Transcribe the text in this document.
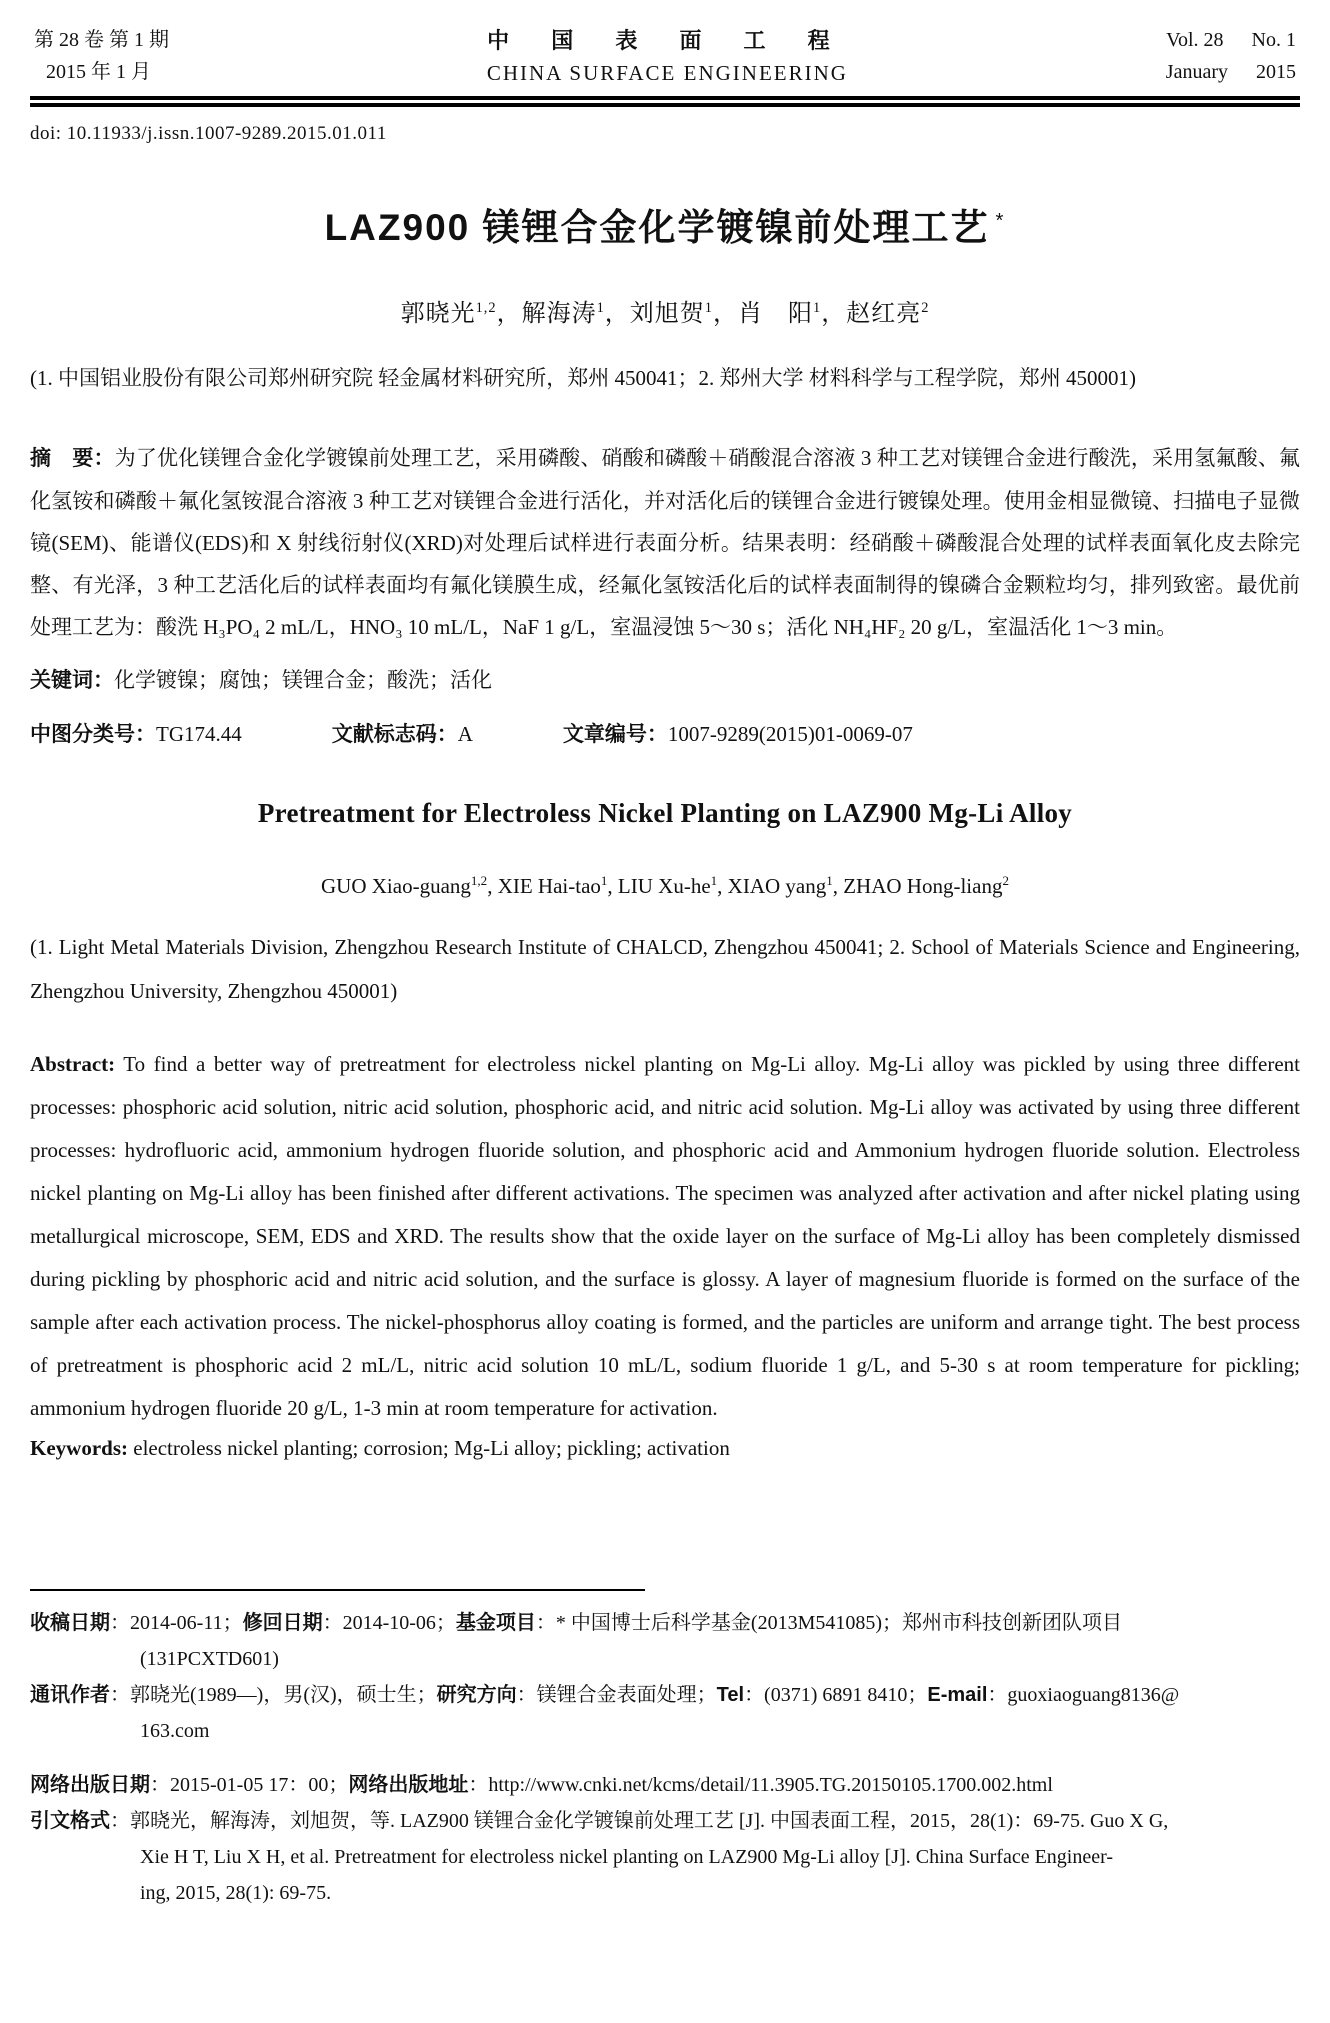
第 28 卷 第 1 期
2015 年 1 月
中 国 表 面 工 程
CHINA SURFACE ENGINEERING
Vol. 28 No. 1
January 2015
doi: 10.11933/j.issn.1007-9289.2015.01.011
LAZ900 镁锂合金化学镀镍前处理工艺 *
郭晓光$^{1,2}$，解海涛$^1$，刘旭贺$^1$，肖　阳$^1$，赵红亮$^2$
(1. 中国铝业股份有限公司郑州研究院 轻金属材料研究所，郑州 450041；2. 郑州大学 材料科学与工程学院，郑州 450001)

摘　要：为了优化镁锂合金化学镀镍前处理工艺，采用磷酸、硝酸和磷酸＋硝酸混合溶液 3 种工艺对镁锂合金进行酸洗，采用氢氟酸、氟化氢铵和磷酸＋氟化氢铵混合溶液 3 种工艺对镁锂合金进行活化，并对活化后的镁锂合金进行镀镍处理。使用金相显微镜、扫描电子显微镜(SEM)、能谱仪(EDS)和 X 射线衍射仪(XRD)对处理后试样进行表面分析。结果表明：经硝酸＋磷酸混合处理的试样表面氧化皮去除完整、有光泽，3 种工艺活化后的试样表面均有氟化镁膜生成，经氟化氢铵活化后的试样表面制得的镍磷合金颗粒均匀，排列致密。最优前处理工艺为：酸洗 H₃PO₄ 2 mL/L，HNO₃ 10 mL/L，NaF 1 g/L，室温浸蚀 5～30 s；活化 NH₄HF₂ 20 g/L，室温活化 1～3 min。

关键词：化学镀镍；腐蚀；镁锂合金；酸洗；活化

中图分类号：TG174.44	文献标志码：A	文章编号：1007-9289(2015)01-0069-07
Pretreatment for Electroless Nickel Planting on LAZ900 Mg-Li Alloy
GUO Xiao-guang$^{1,2}$, XIE Hai-tao$^1$, LIU $Xu-he^1$, XIAO yang$^1$, ZHAO Hong-liang$^2$
(1. Light Metal Materials Division, Zhengzhou Research Institute of CHALCD, Zhengzhou 450041; 2. School of Materials Science and Engineering, Zhengzhou University, Zhengzhou 450001)

Abstract: To find a better way of pretreatment for electroless nickel planting on Mg-Li alloy. Mg-Li alloy was pickled by using three different processes: phosphoric acid solution, nitric acid solution, phosphoric acid, and nitric acid solution. Mg-Li alloy was activated by using three different processes: hydrofluoric acid, ammonium hydrogen fluoride solution, and phosphoric acid and Ammonium hydrogen fluoride solution. Electroless nickel planting on Mg-Li alloy has been finished after different activations. The specimen was analyzed after activation and after nickel plating using metallurgical microscope, SEM, EDS and XRD. The results show that the oxide layer on the surface of Mg-Li alloy has been completely dismissed during pickling by phosphoric acid and nitric acid solution, and the surface is glossy. A layer of magnesium fluoride is formed on the surface of the sample after each activation process. The nickel-phosphorus alloy coating is formed, and the particles are uniform and arrange tight. The best process of pretreatment is phosphoric acid 2 mL/L, nitric acid solution 10 mL/L, sodium fluoride 1 g/L, and 5-30 s at room temperature for pickling; ammonium hydrogen fluoride 20 g/L, 1-3 min at room temperature for activation.

Keywords: electroless nickel planting; corrosion; Mg-Li alloy; pickling; activation

收稿日期：2014-06-11；修回日期：2014-10-06；基金项目：* 中国博士后科学基金(2013M541085)；郑州市科技创新团队项目
(131PCXTD601)
通讯作者：郭晓光(1989—)，男(汉)，硕士生；研究方向：镁锂合金表面处理；Tel：(0371) 6891 8410；E-mail：guoxiaoguang8136@
163.com
网络出版日期：2015-01-05 17：00；网络出版地址：http://www.cnki.net/kcms/detail/11.3905.TG.20150105.1700.002.html
引文格式：郭晓光，解海涛，刘旭贺，等. LAZ900 镁锂合金化学镀镍前处理工艺 [J]. 中国表面工程，2015，28(1)：69-75. Guo X G,
Xie H T, Liu X H, et al. Pretreatment for electroless nickel planting on LAZ900 Mg-Li alloy [J]. China Surface Engineer-
ing, 2015, 28(1): 69-75.
